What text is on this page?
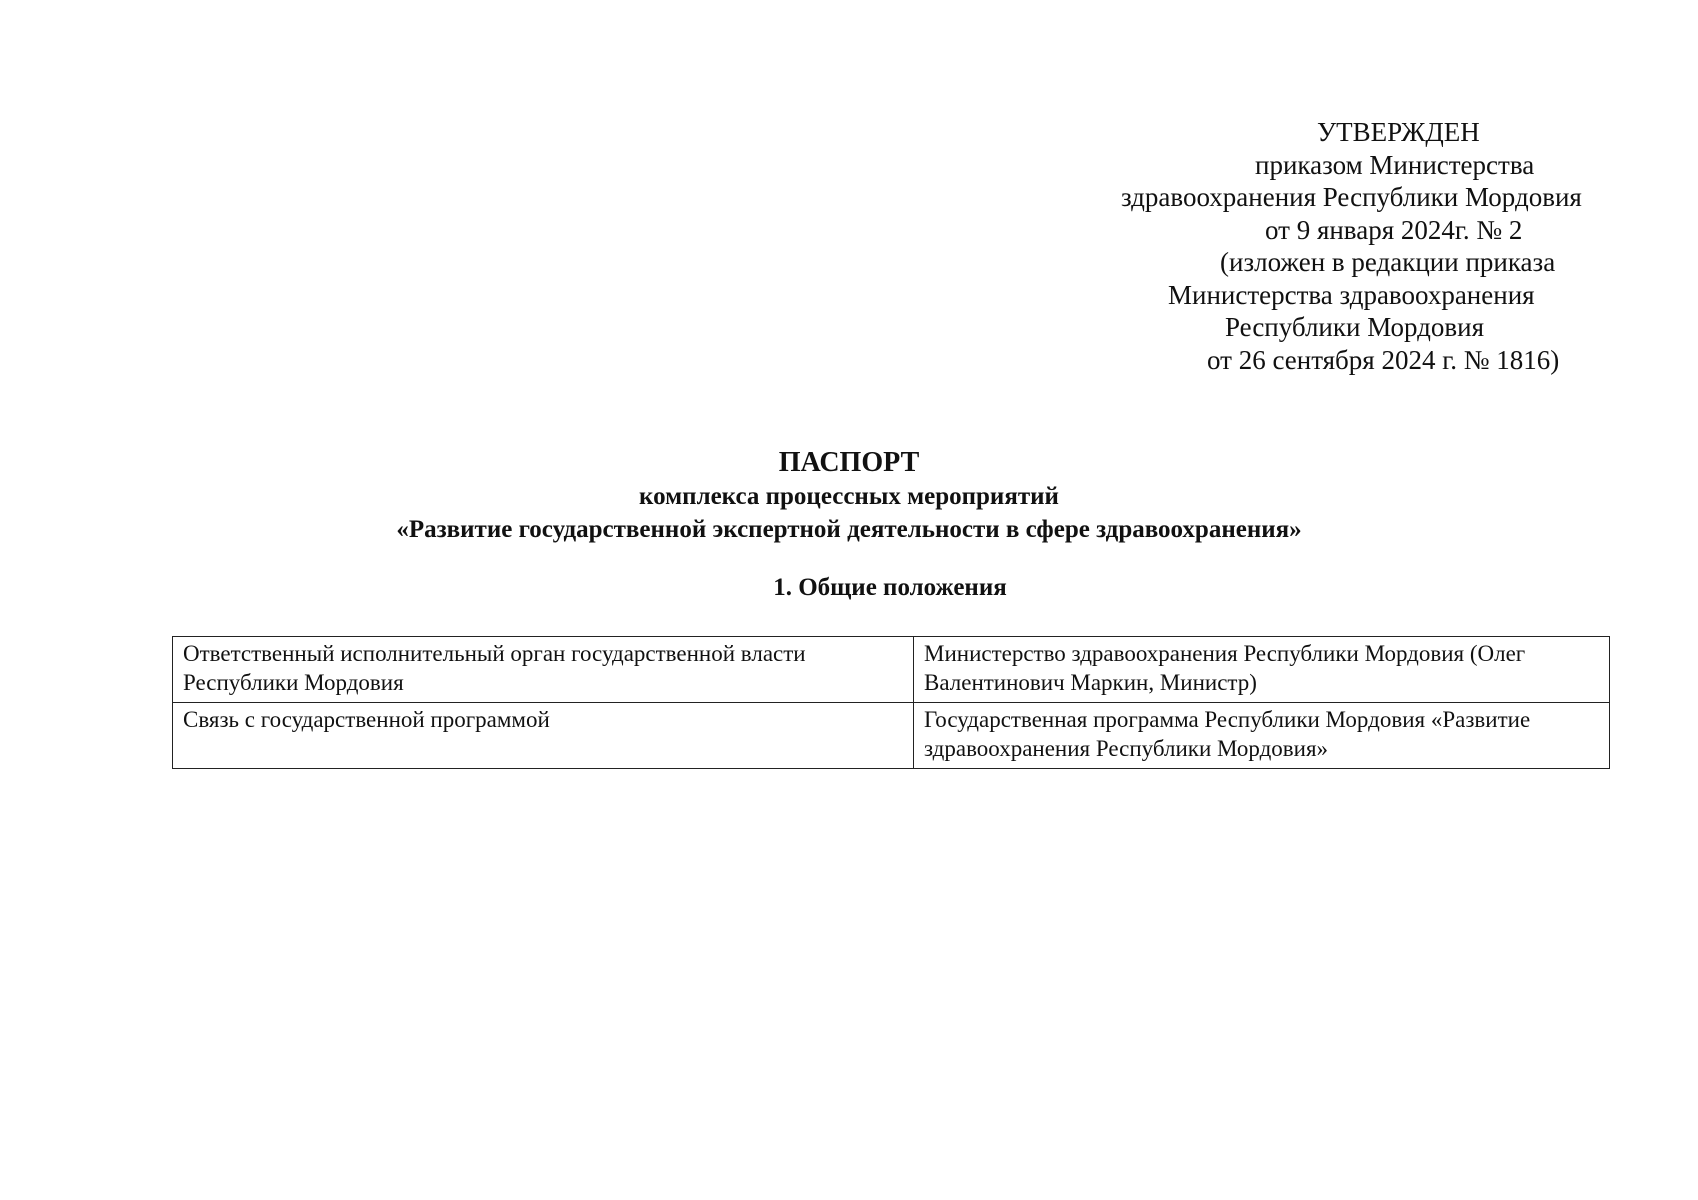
УТВЕРЖДЕН
приказом Министерства
здравоохранения Республики Мордовия
от 9 января 2024г. № 2
(изложен в редакции приказа
Министерства здравоохранения
Республики Мордовия
от 26 сентября 2024 г. № 1816)
ПАСПОРТ
комплекса процессных мероприятий
«Развитие государственной экспертной деятельности в сфере здравоохранения»
1. Общие положения
Ответственный исполнительный орган государственной власти Республики Мордовия	Министерство здравоохранения Республики Мордовия (Олег Валентинович Маркин, Министр)
Связь с государственной программой	Государственная программа Республики Мордовия «Развитие здравоохранения Республики Мордовия»
